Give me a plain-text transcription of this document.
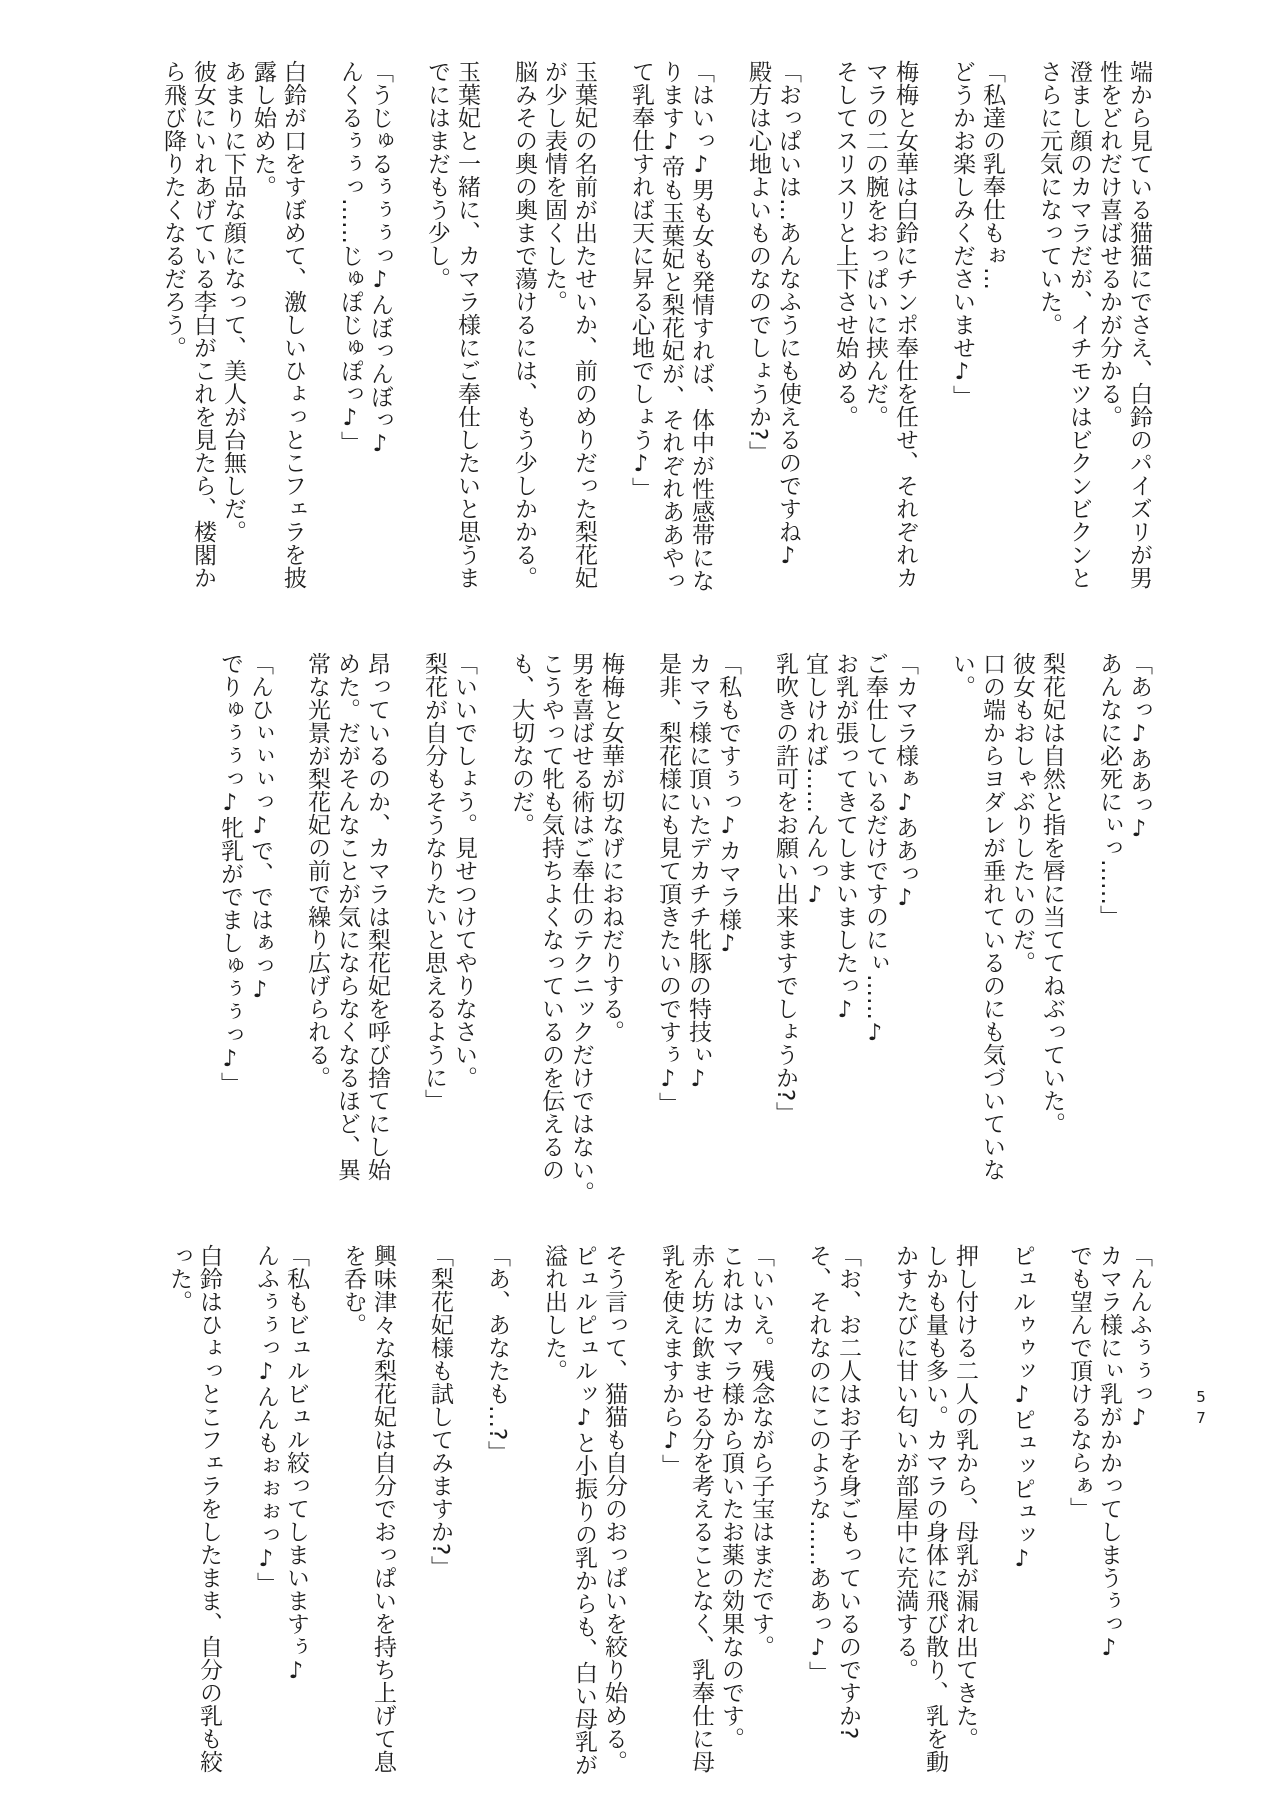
端から見ている猫猫にでさえ、白鈴のパイズリが男

性をどれだけ喜ばせるかが分かる。

澄まし顔のカマラだが、イチモツはビクンビクンと

さらに元気になっていた。

「私達の乳奉仕もぉ…

どうかお楽しみくださいませ♪」

梅梅と女華は白鈴にチンポ奉仕を任せ、それぞれカ

マラの二の腕をおっぱいに挟んだ。

そしてスリスリと上下させ始める。

「おっぱいは…あんなふうにも使えるのですね♪

殿方は心地よいものなのでしょうか?」

「はいっ♪男も女も発情すれば、体中が性感帯にな

ります♪帝も玉葉妃と梨花妃が、それぞれああやっ

て乳奉仕すれば天に昇る心地でしょう♪」

玉葉妃の名前が出たせいか、前のめりだった梨花妃

が少し表情を固くした。

脳みその奥の奥まで蕩けるには、もう少しかかる。

玉葉妃と一緒に、カマラ様にご奉仕したいと思うま

でにはまだもう少し。

「うじゅるぅぅぅっ♪んぼっんぼっ♪

んくるぅぅっ……じゅぽじゅぽっ♪」

白鈴が口をすぼめて、激しいひょっとこフェラを披

露し始めた。

あまりに下品な顔になって、美人が台無しだ。

彼女にいれあげている李白がこれを見たら、楼閣か

ら飛び降りたくなるだろう。

「あっ♪ああっ♪

あんなに必死にぃっ……」

梨花妃は自然と指を唇に当ててねぶっていた。

彼女もおしゃぶりしたいのだ。

口の端からヨダレが垂れているのにも気づいていな

い。

「カマラ様ぁ♪ああっ♪

ご奉仕しているだけですのにぃ……♪

お乳が張ってきてしまいましたっ♪

宜しければ……んんっ♪

乳吹きの許可をお願い出来ますでしょうか?」

「私もですぅっ♪カマラ様♪

カマラ様に頂いたデカチチ牝豚の特技ぃ♪

是非、梨花様にも見て頂きたいのですぅ♪」

梅梅と女華が切なげにおねだりする。

男を喜ばせる術はご奉仕のテクニックだけではない。

こうやって牝も気持ちよくなっているのを伝えるの

も、大切なのだ。

「いいでしょう。見せつけてやりなさい。

梨花が自分もそうなりたいと思えるように」

昂っているのか、カマラは梨花妃を呼び捨てにし始

めた。だがそんなことが気にならなくなるほど、異

常な光景が梨花妃の前で繰り広げられる。

「んひぃぃぃっ♪で、ではぁっ♪

でりゅぅぅっ♪牝乳がでましゅぅぅっ♪」

「んんふぅぅっ♪

カマラ様にぃ乳がかかってしまうぅっ♪

でも望んで頂けるならぁ」

ピュルゥゥッ♪ピュッピュッ♪

押し付ける二人の乳から、母乳が漏れ出てきた。

しかも量も多い。カマラの身体に飛び散り、乳を動

かすたびに甘い匂いが部屋中に充満する。

「お、お二人はお子を身ごもっているのですか?

そ、それなのにこのような……ああっ♪」

「いいえ。残念ながら子宝はまだです。

これはカマラ様から頂いたお薬の効果なのです。

赤ん坊に飲ませる分を考えることなく、乳奉仕に母

乳を使えますから♪」

そう言って、猫猫も自分のおっぱいを絞り始める。

ピュルピュルッ♪と小振りの乳からも、白い母乳が

溢れ出した。

「あ、あなたも…?」

「梨花妃様も試してみますか?」

興味津々な梨花妃は自分でおっぱいを持ち上げて息

を呑む。

「私もビュルビュル絞ってしまいますぅ♪

んふぅぅっ♪んんもぉぉぉっ♪」

白鈴はひょっとこフェラをしたまま、自分の乳も絞

った。

57
